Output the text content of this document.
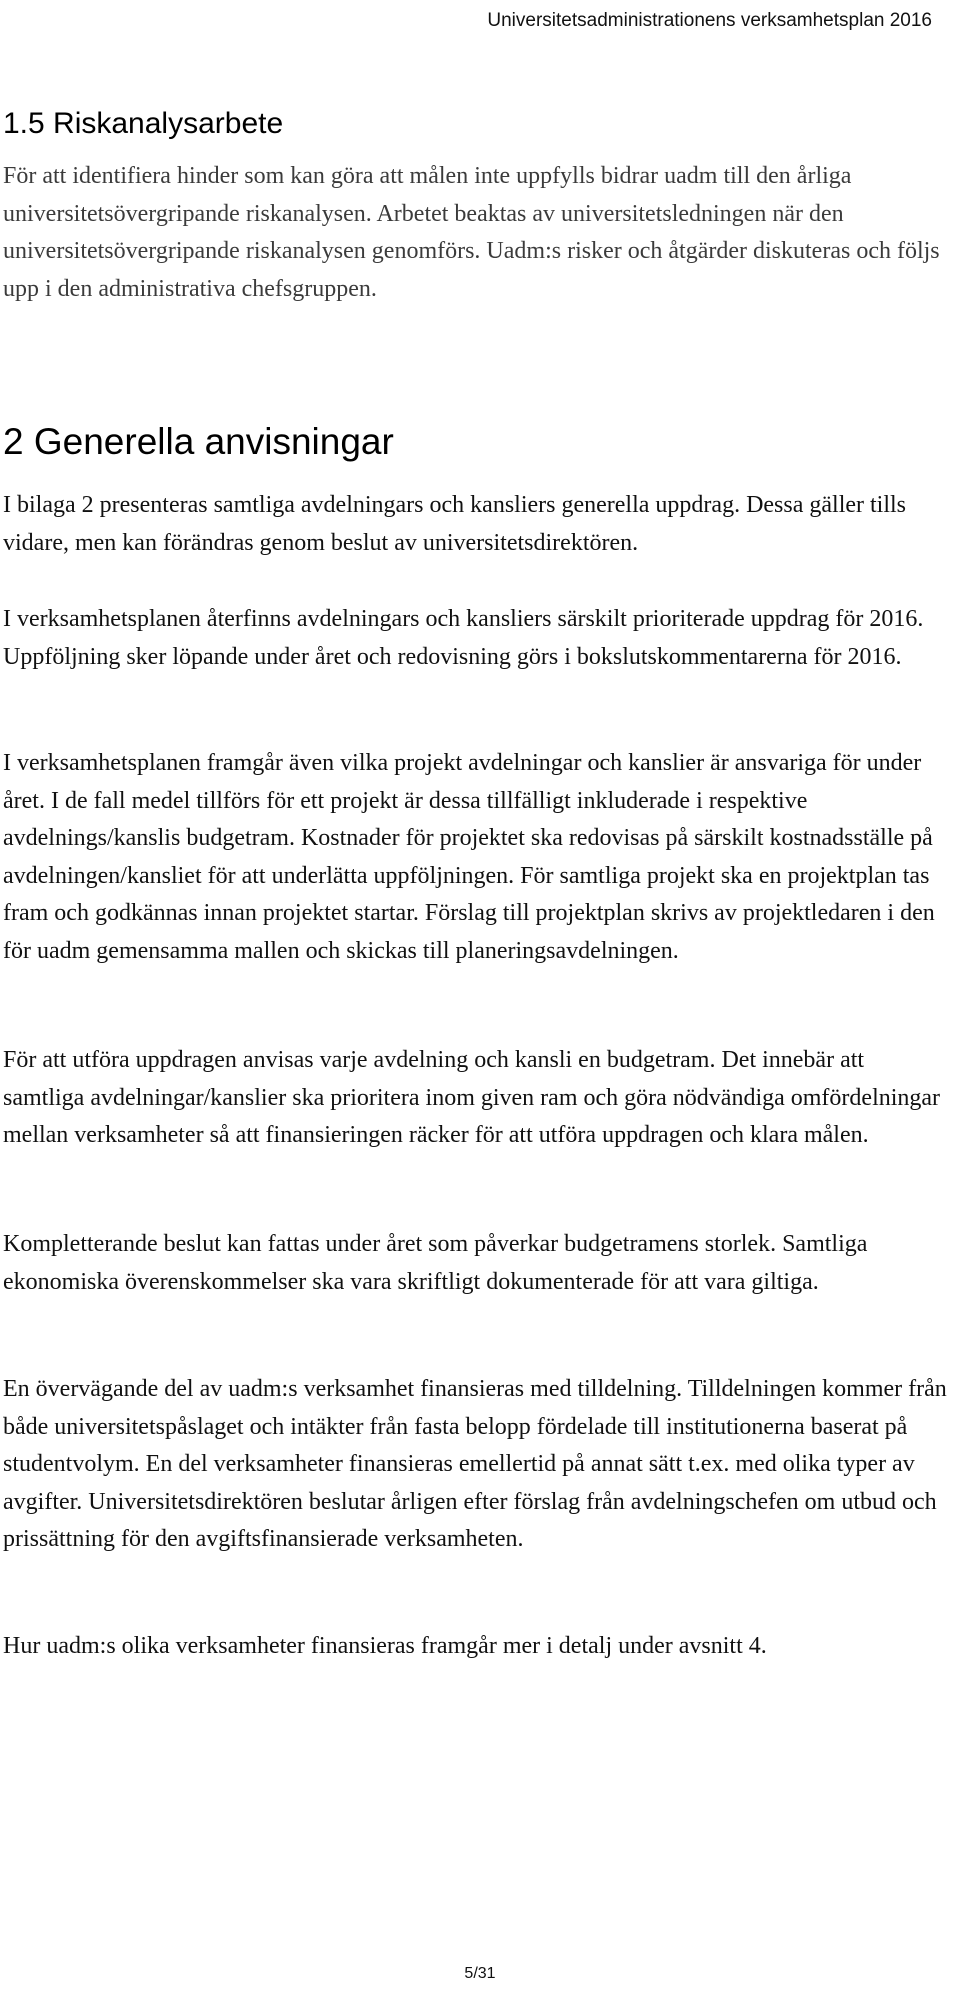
Universitetsadministrationens verksamhetsplan 2016
1.5 Riskanalysarbete

För att identifiera hinder som kan göra att målen inte uppfylls bidrar uadm till den årliga universitetsövergripande riskanalysen. Arbetet beaktas av universitetsledningen när den universitetsövergripande riskanalysen genomförs. Uadm:s risker och åtgärder diskuteras och följs upp i den administrativa chefsgruppen.

2 Generella anvisningar

I bilaga 2 presenteras samtliga avdelningars och kansliers generella uppdrag. Dessa gäller tills vidare, men kan förändras genom beslut av universitetsdirektören.

I verksamhetsplanen återfinns avdelningars och kansliers särskilt prioriterade uppdrag för 2016. Uppföljning sker löpande under året och redovisning görs i bokslutskommentarerna för 2016.

I verksamhetsplanen framgår även vilka projekt avdelningar och kanslier är ansvariga för under året. I de fall medel tillförs för ett projekt är dessa tillfälligt inkluderade i respektive avdelnings/kanslis budgetram. Kostnader för projektet ska redovisas på särskilt kostnadsställe på avdelningen/kansliet för att underlätta uppföljningen. För samtliga projekt ska en projektplan tas fram och godkännas innan projektet startar. Förslag till projektplan skrivs av projektledaren i den för uadm gemensamma mallen och skickas till planeringsavdelningen.

För att utföra uppdragen anvisas varje avdelning och kansli en budgetram. Det innebär att samtliga avdelningar/kanslier ska prioritera inom given ram och göra nödvändiga omfördelningar mellan verksamheter så att finansieringen räcker för att utföra uppdragen och klara målen.

Kompletterande beslut kan fattas under året som påverkar budgetramens storlek. Samtliga ekonomiska överenskommelser ska vara skriftligt dokumenterade för att vara giltiga.

En övervägande del av uadm:s verksamhet finansieras med tilldelning. Tilldelningen kommer från både universitetspåslaget och intäkter från fasta belopp fördelade till institutionerna baserat på studentvolym. En del verksamheter finansieras emellertid på annat sätt t.ex. med olika typer av avgifter. Universitetsdirektören beslutar årligen efter förslag från avdelningschefen om utbud och prissättning för den avgiftsfinansierade verksamheten.

Hur uadm:s olika verksamheter finansieras framgår mer i detalj under avsnitt 4.

5/31
